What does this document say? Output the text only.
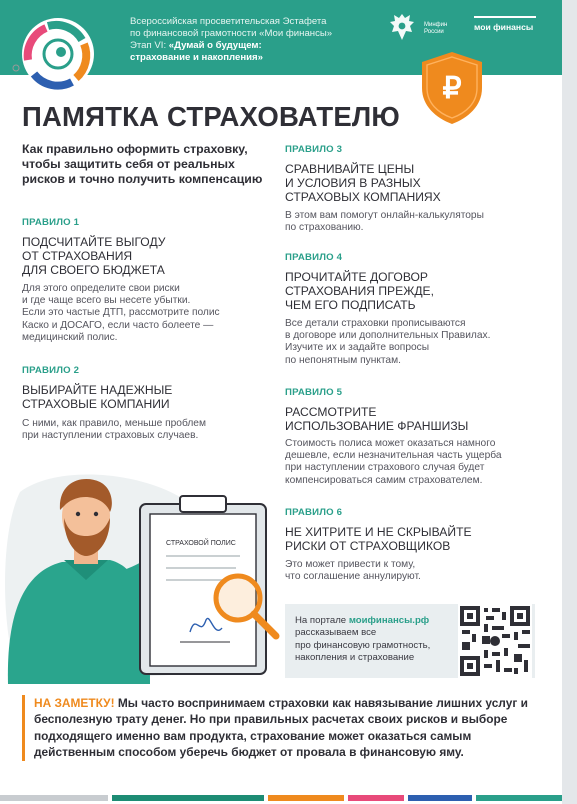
Всероссийская просветительская Эстафета
по финансовой грамотности «Мои финансы»
Этап VI: «Думай о будущем:
страхование и накопления»
Минфин
России	мои финансы
₽
ПАМЯТКА СТРАХОВАТЕЛЮ
Как правильно оформить страховку, чтобы защитить себя от реальных рисков и точно получить компенсацию
ПРАВИЛО 1
ПОДСЧИТАЙТЕ ВЫГОДУ
ОТ СТРАХОВАНИЯ
ДЛЯ СВОЕГО БЮДЖЕТА
Для этого определите свои риски
и где чаще всего вы несете убытки.
Если это частые ДТП, рассмотрите полис
Каско и ДОСАГО, если часто болеете —
медицинский полис.
ПРАВИЛО 2
ВЫБИРАЙТЕ НАДЕЖНЫЕ
СТРАХОВЫЕ КОМПАНИИ
С ними, как правило, меньше проблем
при наступлении страховых случаев.
ПРАВИЛО 3
СРАВНИВАЙТЕ ЦЕНЫ
И УСЛОВИЯ В РАЗНЫХ
СТРАХОВЫХ КОМПАНИЯХ
В этом вам помогут онлайн-калькуляторы
по страхованию.
ПРАВИЛО 4
ПРОЧИТАЙТЕ ДОГОВОР
СТРАХОВАНИЯ ПРЕЖДЕ,
ЧЕМ ЕГО ПОДПИСАТЬ
Все детали страховки прописываются
в договоре или дополнительных Правилах.
Изучите их и задайте вопросы
по непонятным пунктам.
ПРАВИЛО 5
РАССМОТРИТЕ
ИСПОЛЬЗОВАНИЕ ФРАНШИЗЫ
Стоимость полиса может оказаться намного
дешевле, если незначительная часть ущерба
при наступлении страхового случая будет
компенсироваться самим страхователем.
ПРАВИЛО 6
НЕ ХИТРИТЕ И НЕ СКРЫВАЙТЕ
РИСКИ ОТ СТРАХОВЩИКОВ
Это может привести к тому,
что соглашение аннулируют.
СТРАХОВОЙ ПОЛИС
На портале моифинансы.рф
рассказываем все
про финансовую грамотность,
накопления и страхование
НА ЗАМЕТКУ! Мы часто воспринимаем страховки как навязывание лишних услуг и бесполезную трату денег. Но при правильных расчетах своих рисков и выборе подходящего именно вам продукта, страхование может оказаться самым действенным способом уберечь бюджет от провала в финансовую яму.
